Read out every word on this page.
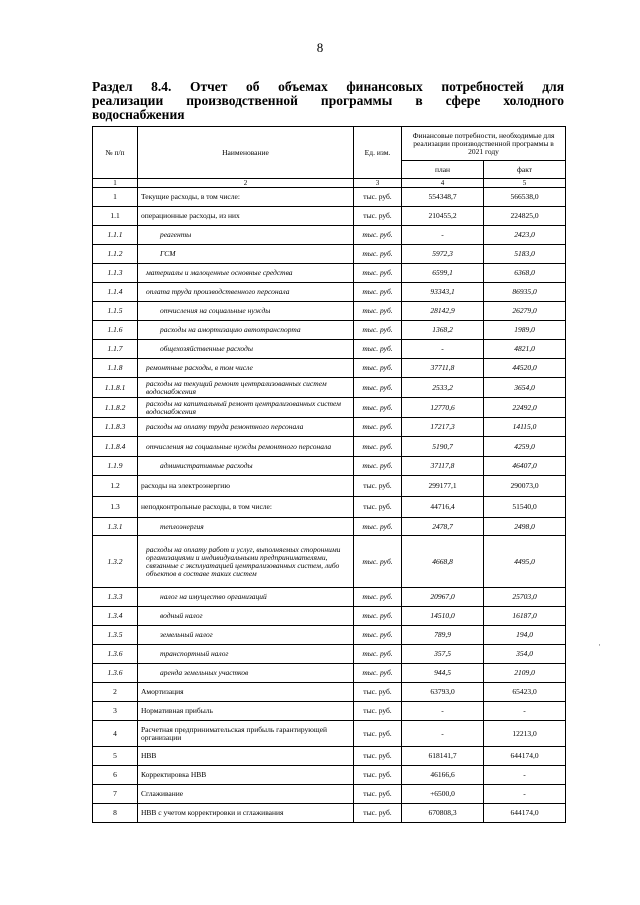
8
Раздел 8.4. Отчет об объемах финансовых потребностей для
реализации производственной программы в сфере холодного
водоснабжения
№ п/п	Наименование	Ед. изм.	Финансовые потребности, необходимые для реализации производственной программы в 2021 году	
			план	факт
1	2	3	4	5
1	Текущие расходы, в том числе:	тыс. руб.	554348,7	566538,0
1.1	операционные расходы, из них	тыс. руб.	210455,2	224825,0
1.1.1	реагенты	тыс. руб.	-	2423,0
1.1.2	ГСМ	тыс. руб.	5972,3	5183,0
1.1.3	материалы и малоценные основные средства	тыс. руб.	6599,1	6368,0
1.1.4	оплата труда производственного персонала	тыс. руб.	93343,1	86935,0
1.1.5	отчисления на социальные нужды	тыс. руб.	28142,9	26279,0
1.1.6	расходы на амортизацию автотранспорта	тыс. руб.	1368,2	1989,0
1.1.7	общехозяйственные расходы	тыс. руб.	-	4821,0
1.1.8	ремонтные расходы, в том числе	тыс. руб.	37711,8	44520,0
1.1.8.1	расходы на текущий ремонт централизованных систем водоснабжения	тыс. руб.	2533,2	3654,0
1.1.8.2	расходы на капитальный ремонт централизованных систем водоснабжения	тыс. руб.	12770,6	22492,0
1.1.8.3	расходы на оплату труда ремонтного персонала	тыс. руб.	17217,3	14115,0
1.1.8.4	отчисления на социальные нужды ремонтного персонала	тыс. руб.	5190,7	4259,0
1.1.9	административные расходы	тыс. руб.	37117,8	46407,0
1.2	расходы на электроэнергию	тыс. руб.	299177,1	290073,0
1.3	неподконтрольные расходы, в том числе:	тыс. руб.	44716,4	51540,0
1.3.1	теплоэнергия	тыс. руб.	2478,7	2498,0
1.3.2	расходы на оплату работ и услуг, выполняемых сторонними организациями и индивидуальными предпринимателями, связанные с эксплуатацией централизованных систем, либо объектов в составе таких систем	тыс. руб.	4668,8	4495,0
1.3.3	налог на имущество организаций	тыс. руб.	20967,0	25703,0
1.3.4	водный налог	тыс. руб.	14510,0	16187,0
1.3.5	земельный налог	тыс. руб.	789,9	194,0
1.3.6	транспортный налог	тыс. руб.	357,5	354,0
1.3.6	аренда земельных участков	тыс. руб.	944,5	2109,0
2	Амортизация	тыс. руб.	63793,0	65423,0
3	Нормативная прибыль	тыс. руб.	-	-
4	Расчетная предпринимательская прибыль гарантирующей организации	тыс. руб.	-	12213,0
5	НВВ	тыс. руб.	618141,7	644174,0
6	Корректировка НВВ	тыс. руб.	46166,6	-
7	Сглаживание	тыс. руб.	+6500,0	-
8	НВВ с учетом корректировки и сглаживания	тыс. руб.	670808,3	644174,0
·
